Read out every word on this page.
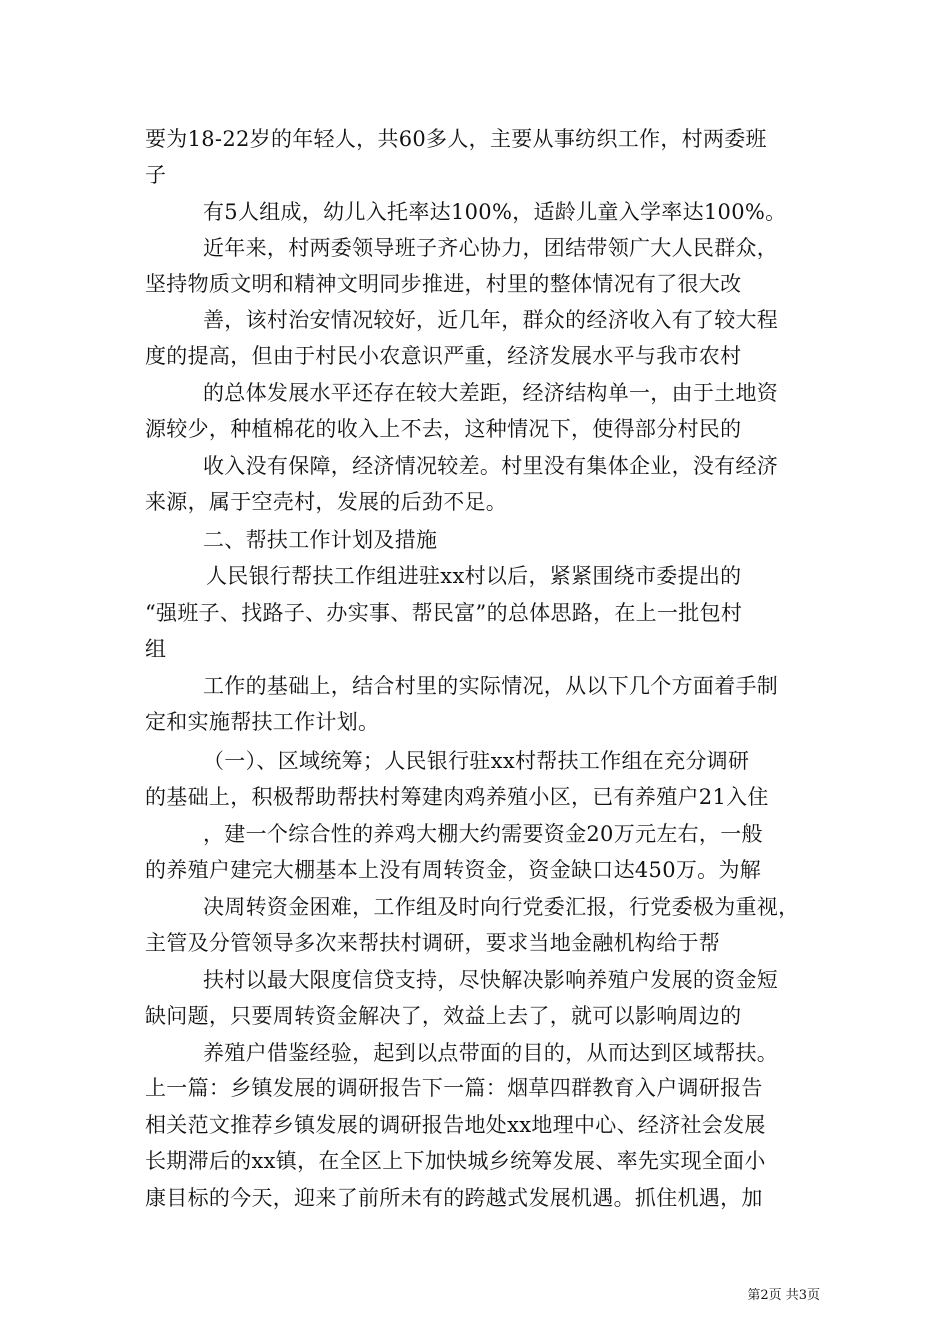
要为18-22岁的年轻人，共60多人，主要从事纺织工作，村两委班
子
有5人组成，幼儿入托率达100%，适龄儿童入学率达100%。
近年来，村两委领导班子齐心协力，团结带领广大人民群众，
坚持物质文明和精神文明同步推进，村里的整体情况有了很大改
善，该村治安情况较好，近几年，群众的经济收入有了较大程
度的提高，但由于村民小农意识严重，经济发展水平与我市农村
的总体发展水平还存在较大差距，经济结构单一，由于土地资
源较少，种植棉花的收入上不去，这种情况下，使得部分村民的
收入没有保障，经济情况较差。村里没有集体企业，没有经济
来源，属于空壳村，发展的后劲不足。
二、帮扶工作计划及措施
人民银行帮扶工作组进驻xx村以后，紧紧围绕市委提出的
“强班子、找路子、办实事、帮民富”的总体思路，在上一批包村
组
工作的基础上，结合村里的实际情况，从以下几个方面着手制
定和实施帮扶工作计划。
（一）、区域统筹；人民银行驻xx村帮扶工作组在充分调研
的基础上，积极帮助帮扶村筹建肉鸡养殖小区，已有养殖户21入住
，建一个综合性的养鸡大棚大约需要资金20万元左右，一般
的养殖户建完大棚基本上没有周转资金，资金缺口达450万。为解
决周转资金困难，工作组及时向行党委汇报，行党委极为重视，
主管及分管领导多次来帮扶村调研，要求当地金融机构给于帮
扶村以最大限度信贷支持，尽快解决影响养殖户发展的资金短
缺问题，只要周转资金解决了，效益上去了，就可以影响周边的
养殖户借鉴经验，起到以点带面的目的，从而达到区域帮扶。
上一篇：乡镇发展的调研报告下一篇：烟草四群教育入户调研报告
相关范文推荐乡镇发展的调研报告地处xx地理中心、经济社会发展
长期滞后的xx镇，在全区上下加快城乡统筹发展、率先实现全面小
康目标的今天，迎来了前所未有的跨越式发展机遇。抓住机遇，加
第2页 共3页
